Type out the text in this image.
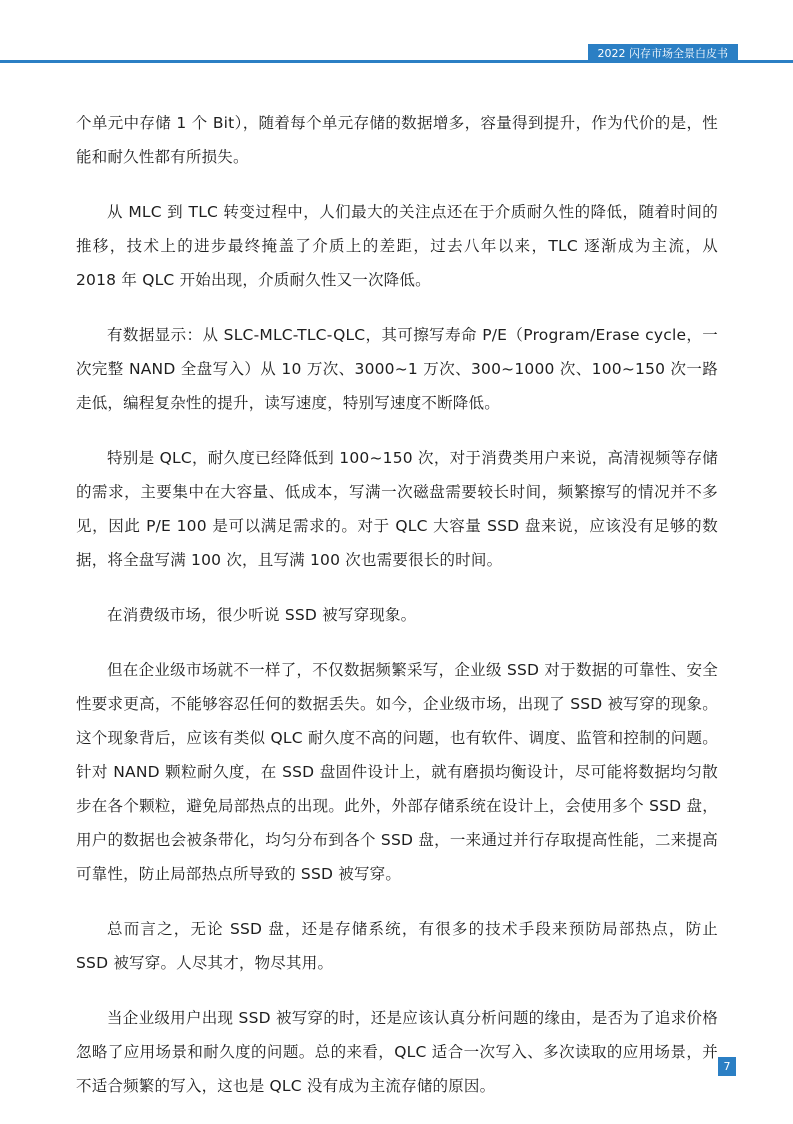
2022 闪存市场全景白皮书

个单元中存储 1 个 Bit），随着每个单元存储的数据增多，容量得到提升，作为代价的是，性能和耐久性都有所损失。

从 MLC 到 TLC 转变过程中，人们最大的关注点还在于介质耐久性的降低，随着时间的推移，技术上的进步最终掩盖了介质上的差距，过去八年以来，TLC 逐渐成为主流，从 2018 年 QLC 开始出现，介质耐久性又一次降低。

有数据显示：从 SLC-MLC-TLC-QLC，其可擦写寿命 P/E（Program/Erase cycle，一次完整 NAND 全盘写入）从 10 万次、3000~1 万次、300~1000 次、100~150 次一路走低，编程复杂性的提升，读写速度，特别写速度不断降低。

特别是 QLC，耐久度已经降低到 100~150 次，对于消费类用户来说，高清视频等存储的需求，主要集中在大容量、低成本，写满一次磁盘需要较长时间，频繁擦写的情况并不多见，因此 P/E 100 是可以满足需求的。对于 QLC 大容量 SSD 盘来说，应该没有足够的数据，将全盘写满 100 次，且写满 100 次也需要很长的时间。

在消费级市场，很少听说 SSD 被写穿现象。

但在企业级市场就不一样了，不仅数据频繁采写，企业级 SSD 对于数据的可靠性、安全性要求更高，不能够容忍任何的数据丢失。如今，企业级市场，出现了 SSD 被写穿的现象。这个现象背后，应该有类似 QLC 耐久度不高的问题，也有软件、调度、监管和控制的问题。针对 NAND 颗粒耐久度，在 SSD 盘固件设计上，就有磨损均衡设计，尽可能将数据均匀散步在各个颗粒，避免局部热点的出现。此外，外部存储系统在设计上，会使用多个 SSD 盘，用户的数据也会被条带化，均匀分布到各个 SSD 盘，一来通过并行存取提高性能，二来提高可靠性，防止局部热点所导致的 SSD 被写穿。

总而言之，无论 SSD 盘，还是存储系统，有很多的技术手段来预防局部热点，防止 SSD 被写穿。人尽其才，物尽其用。

当企业级用户出现 SSD 被写穿的时，还是应该认真分析问题的缘由，是否为了追求价格忽略了应用场景和耐久度的问题。总的来看，QLC 适合一次写入、多次读取的应用场景，并不适合频繁的写入，这也是 QLC 没有成为主流存储的原因。

7
